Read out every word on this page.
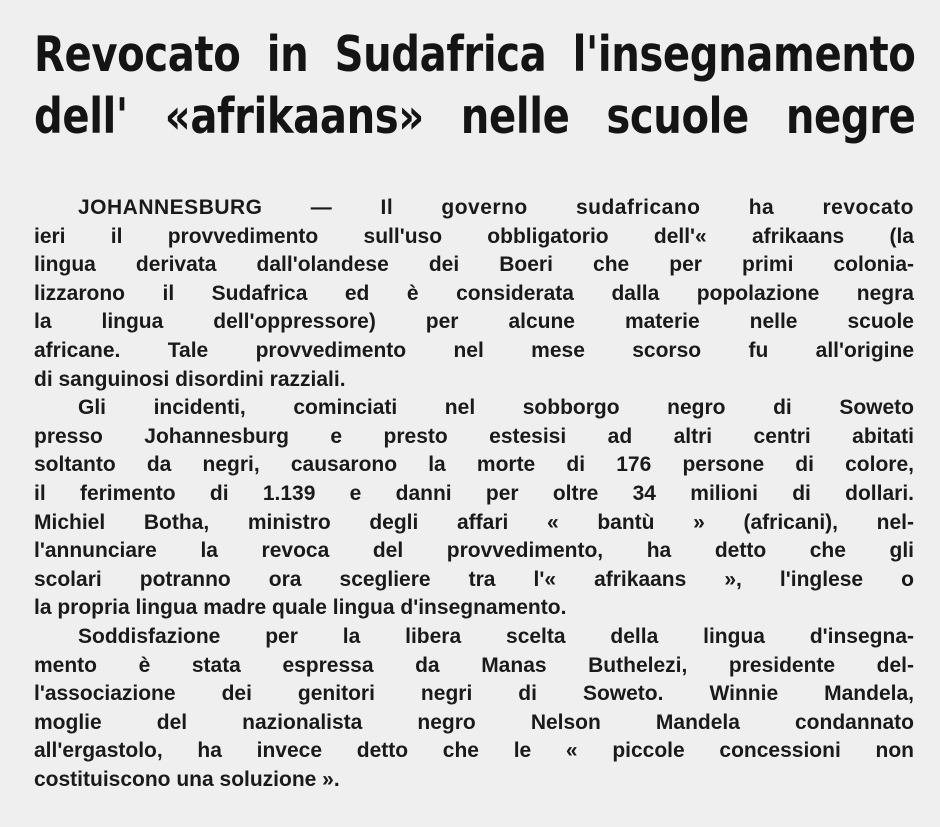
Revocato in Sudafrica l'insegnamento
dell' «afrikaans» nelle scuole negre

JOHANNESBURG — Il governo sudafricano ha revocato
ieri il provvedimento sull'uso obbligatorio dell'« afrikaans (la
lingua derivata dall'olandese dei Boeri che per primi colonia-
lizzarono il Sudafrica ed è considerata dalla popolazione negra
la lingua dell'oppressore) per alcune materie nelle scuole
africane. Tale provvedimento nel mese scorso fu all'origine
di sanguinosi disordini razziali.

Gli incidenti, cominciati nel sobborgo negro di Soweto
presso Johannesburg e presto estesisi ad altri centri abitati
soltanto da negri, causarono la morte di 176 persone di colore,
il ferimento di 1.139 e danni per oltre 34 milioni di dollari.
Michiel Botha, ministro degli affari « bantù » (africani), nel-
l'annunciare la revoca del provvedimento, ha detto che gli
scolari potranno ora scegliere tra l'« afrikaans », l'inglese o
la propria lingua madre quale lingua d'insegnamento.

Soddisfazione per la libera scelta della lingua d'insegna-
mento è stata espressa da Manas Buthelezi, presidente del-
l'associazione dei genitori negri di Soweto. Winnie Mandela,
moglie del nazionalista negro Nelson Mandela condannato
all'ergastolo, ha invece detto che le « piccole concessioni non
costituiscono una soluzione ».
